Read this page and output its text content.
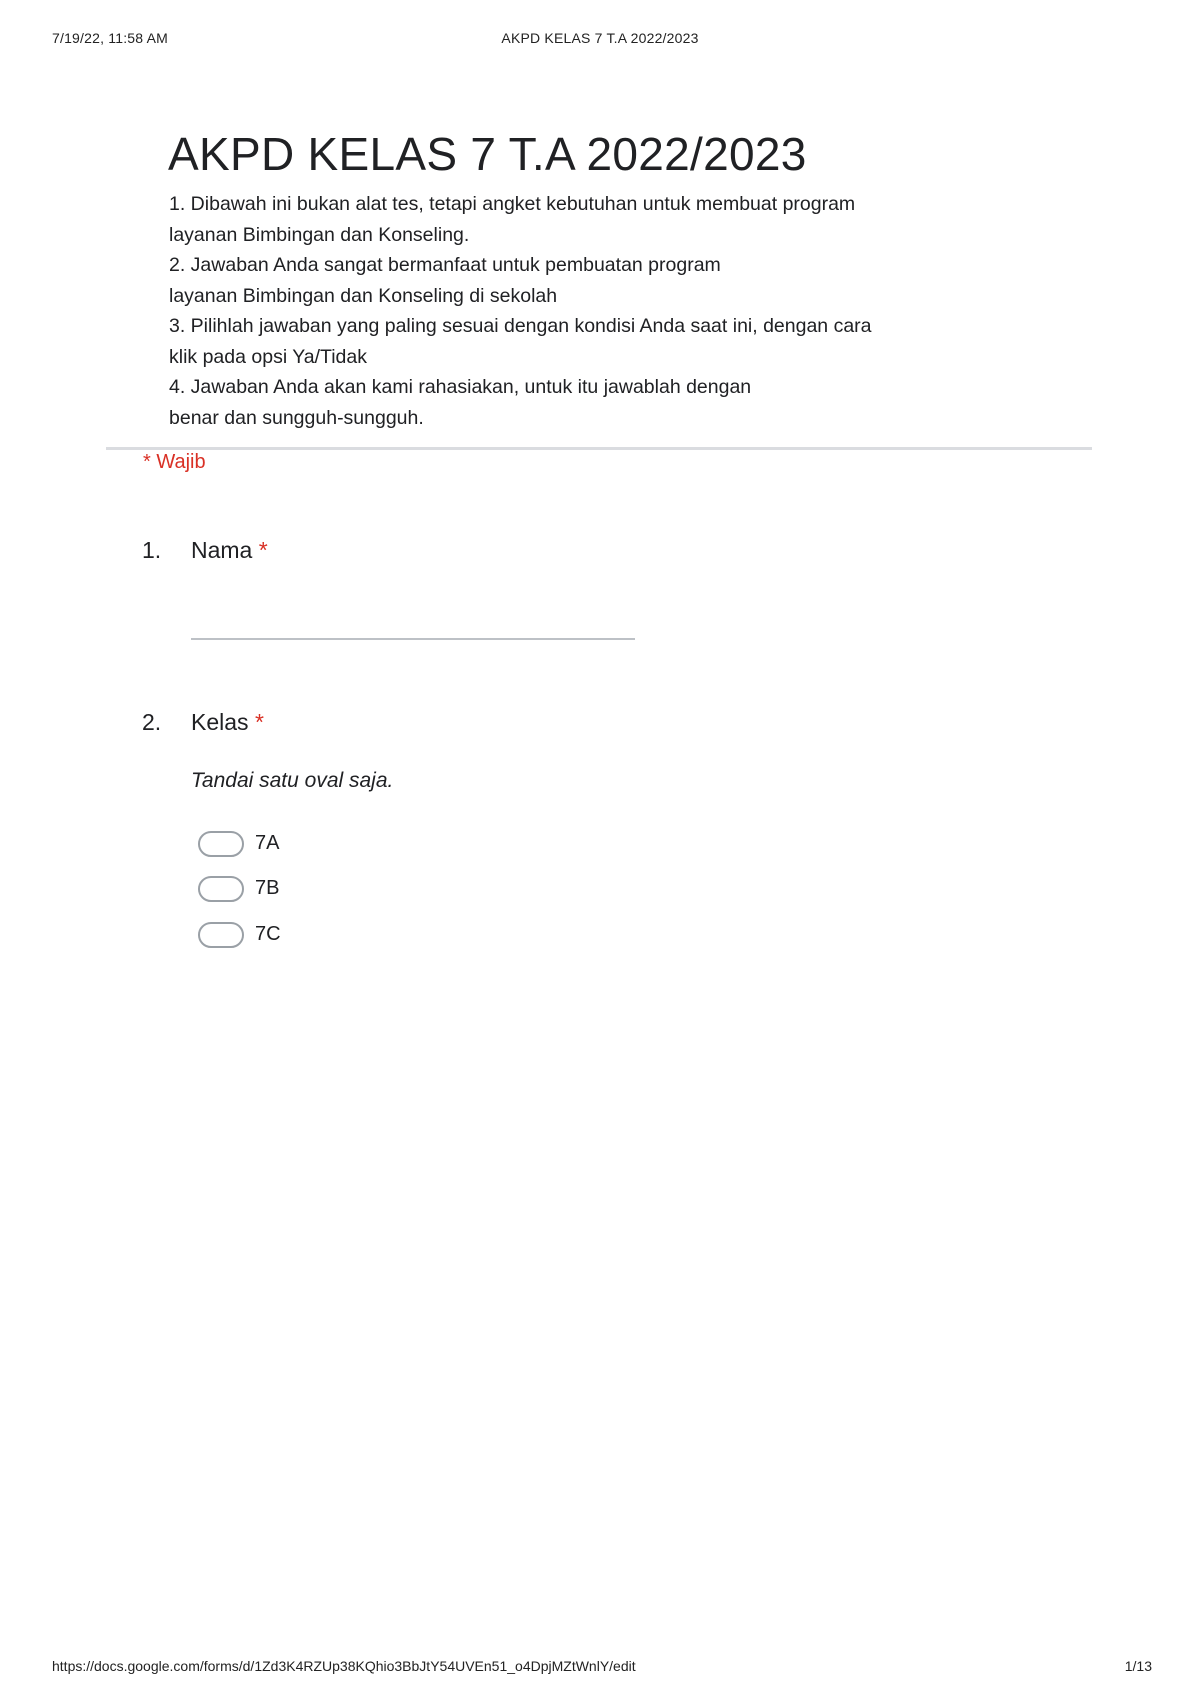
7/19/22, 11:58 AM	AKPD KELAS 7 T.A 2022/2023
AKPD KELAS 7 T.A 2022/2023
1. Dibawah ini bukan alat tes, tetapi angket kebutuhan untuk membuat program
layanan Bimbingan dan Konseling.
2. Jawaban Anda sangat bermanfaat untuk pembuatan program
layanan Bimbingan dan Konseling di sekolah
3. Pilihlah jawaban yang paling sesuai dengan kondisi Anda saat ini, dengan cara
klik pada opsi Ya/Tidak
4. Jawaban Anda akan kami rahasiakan, untuk itu jawablah dengan
benar dan sungguh-sungguh.
* Wajib
1. Nama *
2. Kelas *
Tandai satu oval saja.
7A
7B
7C
https://docs.google.com/forms/d/1Zd3K4RZUp38KQhio3BbJtY54UVEn51_o4DpjMZtWnlY/edit	1/13
